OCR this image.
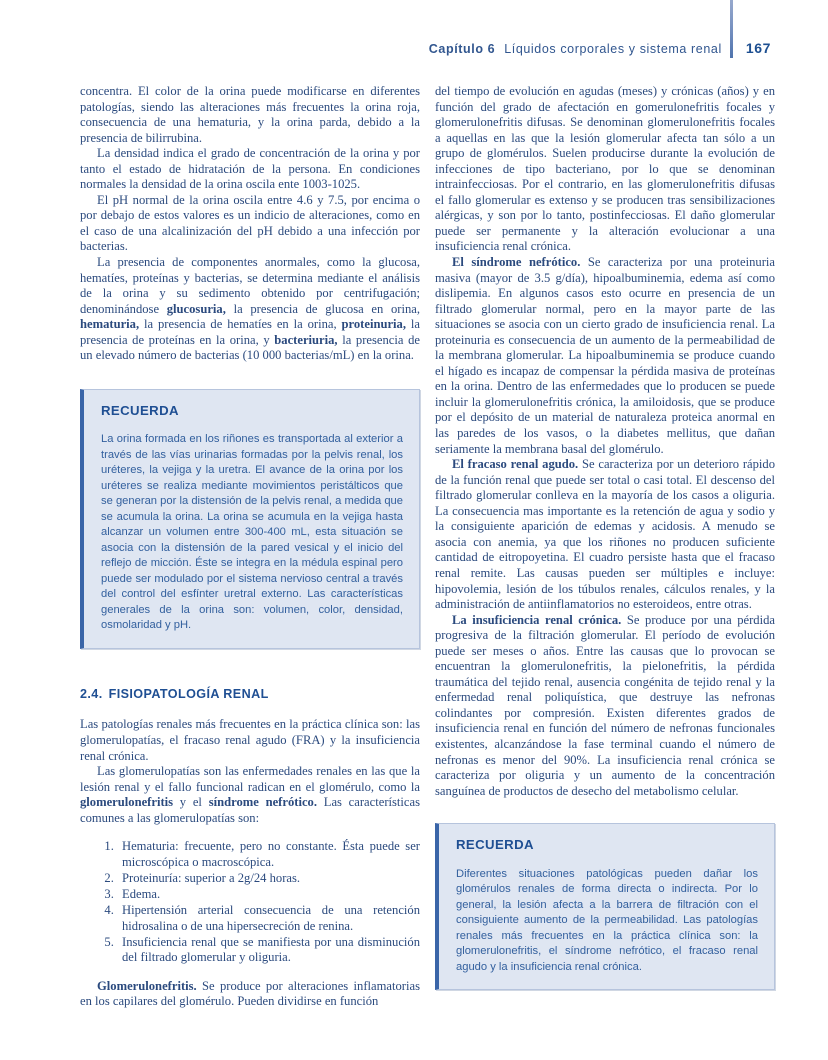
Capítulo 6 Líquidos corporales y sistema renal 167

concentra. El color de la orina puede modificarse en diferentes patologías, siendo las alteraciones más frecuentes la orina roja, consecuencia de una hematuria, y la orina parda, debido a la presencia de bilirrubina.

La densidad indica el grado de concentración de la orina y por tanto el estado de hidratación de la persona. En condiciones normales la densidad de la orina oscila ente 1003-1025.

El pH normal de la orina oscila entre 4.6 y 7.5, por encima o por debajo de estos valores es un indicio de alteraciones, como en el caso de una alcalinización del pH debido a una infección por bacterias.

La presencia de componentes anormales, como la glucosa, hematíes, proteínas y bacterias, se determina mediante el análisis de la orina y su sedimento obtenido por centrifugación; denominándose glucosuria, la presencia de glucosa en orina, hematuria, la presencia de hematíes en la orina, proteinuria, la presencia de proteínas en la orina, y bacteriuria, la presencia de un elevado número de bacterias (10 000 bacterias/mL) en la orina.

RECUERDA
La orina formada en los riñones es transportada al exterior a través de las vías urinarias formadas por la pelvis renal, los uréteres, la vejiga y la uretra. El avance de la orina por los uréteres se realiza mediante movimientos peristálticos que se generan por la distensión de la pelvis renal, a medida que se acumula la orina. La orina se acumula en la vejiga hasta alcanzar un volumen entre 300-400 mL, esta situación se asocia con la distensión de la pared vesical y el inicio del reflejo de micción. Éste se integra en la médula espinal pero puede ser modulado por el sistema nervioso central a través del control del esfínter uretral externo. Las características generales de la orina son: volumen, color, densidad, osmolaridad y pH.
2.4. FISIOPATOLOGÍA RENAL

Las patologías renales más frecuentes en la práctica clínica son: las glomerulopatías, el fracaso renal agudo (FRA) y la insuficiencia renal crónica.

Las glomerulopatías son las enfermedades renales en las que la lesión renal y el fallo funcional radican en el glomérulo, como la glomerulonefritis y el síndrome nefrótico. Las características comunes a las glomerulopatías son:

1. Hematuria: frecuente, pero no constante. Ésta puede ser microscópica o macroscópica.
2. Proteinuría: superior a 2g/24 horas.
3. Edema.
4. Hipertensión arterial consecuencia de una retención hidrosalina o de una hipersecreción de renina.
5. Insuficiencia renal que se manifiesta por una disminución del filtrado glomerular y oliguria.

Glomerulonefritis. Se produce por alteraciones inflamatorias en los capilares del glomérulo. Pueden dividirse en función

del tiempo de evolución en agudas (meses) y crónicas (años) y en función del grado de afectación en gomerulonefritis focales y glomerulonefritis difusas. Se denominan glomerulonefritis focales a aquellas en las que la lesión glomerular afecta tan sólo a un grupo de glomérulos. Suelen producirse durante la evolución de infecciones de tipo bacteriano, por lo que se denominan intrainfecciosas. Por el contrario, en las glomerulonefritis difusas el fallo glomerular es extenso y se producen tras sensibilizaciones alérgicas, y son por lo tanto, postinfecciosas. El daño glomerular puede ser permanente y la alteración evolucionar a una insuficiencia renal crónica.

El síndrome nefrótico. Se caracteriza por una proteinuria masiva (mayor de 3.5 g/día), hipoalbuminemia, edema así como dislipemia. En algunos casos esto ocurre en presencia de un filtrado glomerular normal, pero en la mayor parte de las situaciones se asocia con un cierto grado de insuficiencia renal. La proteinuria es consecuencia de un aumento de la permeabilidad de la membrana glomerular. La hipoalbuminemia se produce cuando el hígado es incapaz de compensar la pérdida masiva de proteínas en la orina. Dentro de las enfermedades que lo producen se puede incluir la glomerulonefritis crónica, la amiloidosis, que se produce por el depósito de un material de naturaleza proteica anormal en las paredes de los vasos, o la diabetes mellitus, que dañan seriamente la membrana basal del glomérulo.

El fracaso renal agudo. Se caracteriza por un deterioro rápido de la función renal que puede ser total o casi total. El descenso del filtrado glomerular conlleva en la mayoría de los casos a oliguria. La consecuencia mas importante es la retención de agua y sodio y la consiguiente aparición de edemas y acidosis. A menudo se asocia con anemia, ya que los riñones no producen suficiente cantidad de eitropoyetina. El cuadro persiste hasta que el fracaso renal remite. Las causas pueden ser múltiples e incluye: hipovolemia, lesión de los túbulos renales, cálculos renales, y la administración de antiinflamatorios no esteroideos, entre otras.

La insuficiencia renal crónica. Se produce por una pérdida progresiva de la filtración glomerular. El período de evolución puede ser meses o años. Entre las causas que lo provocan se encuentran la glomerulonefritis, la pielonefritis, la pérdida traumática del tejido renal, ausencia congénita de tejido renal y la enfermedad renal poliquística, que destruye las nefronas colindantes por compresión. Existen diferentes grados de insuficiencia renal en función del número de nefronas funcionales existentes, alcanzándose la fase terminal cuando el número de nefronas es menor del 90%. La insuficiencia renal crónica se caracteriza por oliguria y un aumento de la concentración sanguínea de productos de desecho del metabolismo celular.

RECUERDA
Diferentes situaciones patológicas pueden dañar los glomérulos renales de forma directa o indirecta. Por lo general, la lesión afecta a la barrera de filtración con el consiguiente aumento de la permeabilidad. Las patologías renales más frecuentes en la práctica clínica son: la glomerulonefritis, el síndrome nefrótico, el fracaso renal agudo y la insuficiencia renal crónica.
